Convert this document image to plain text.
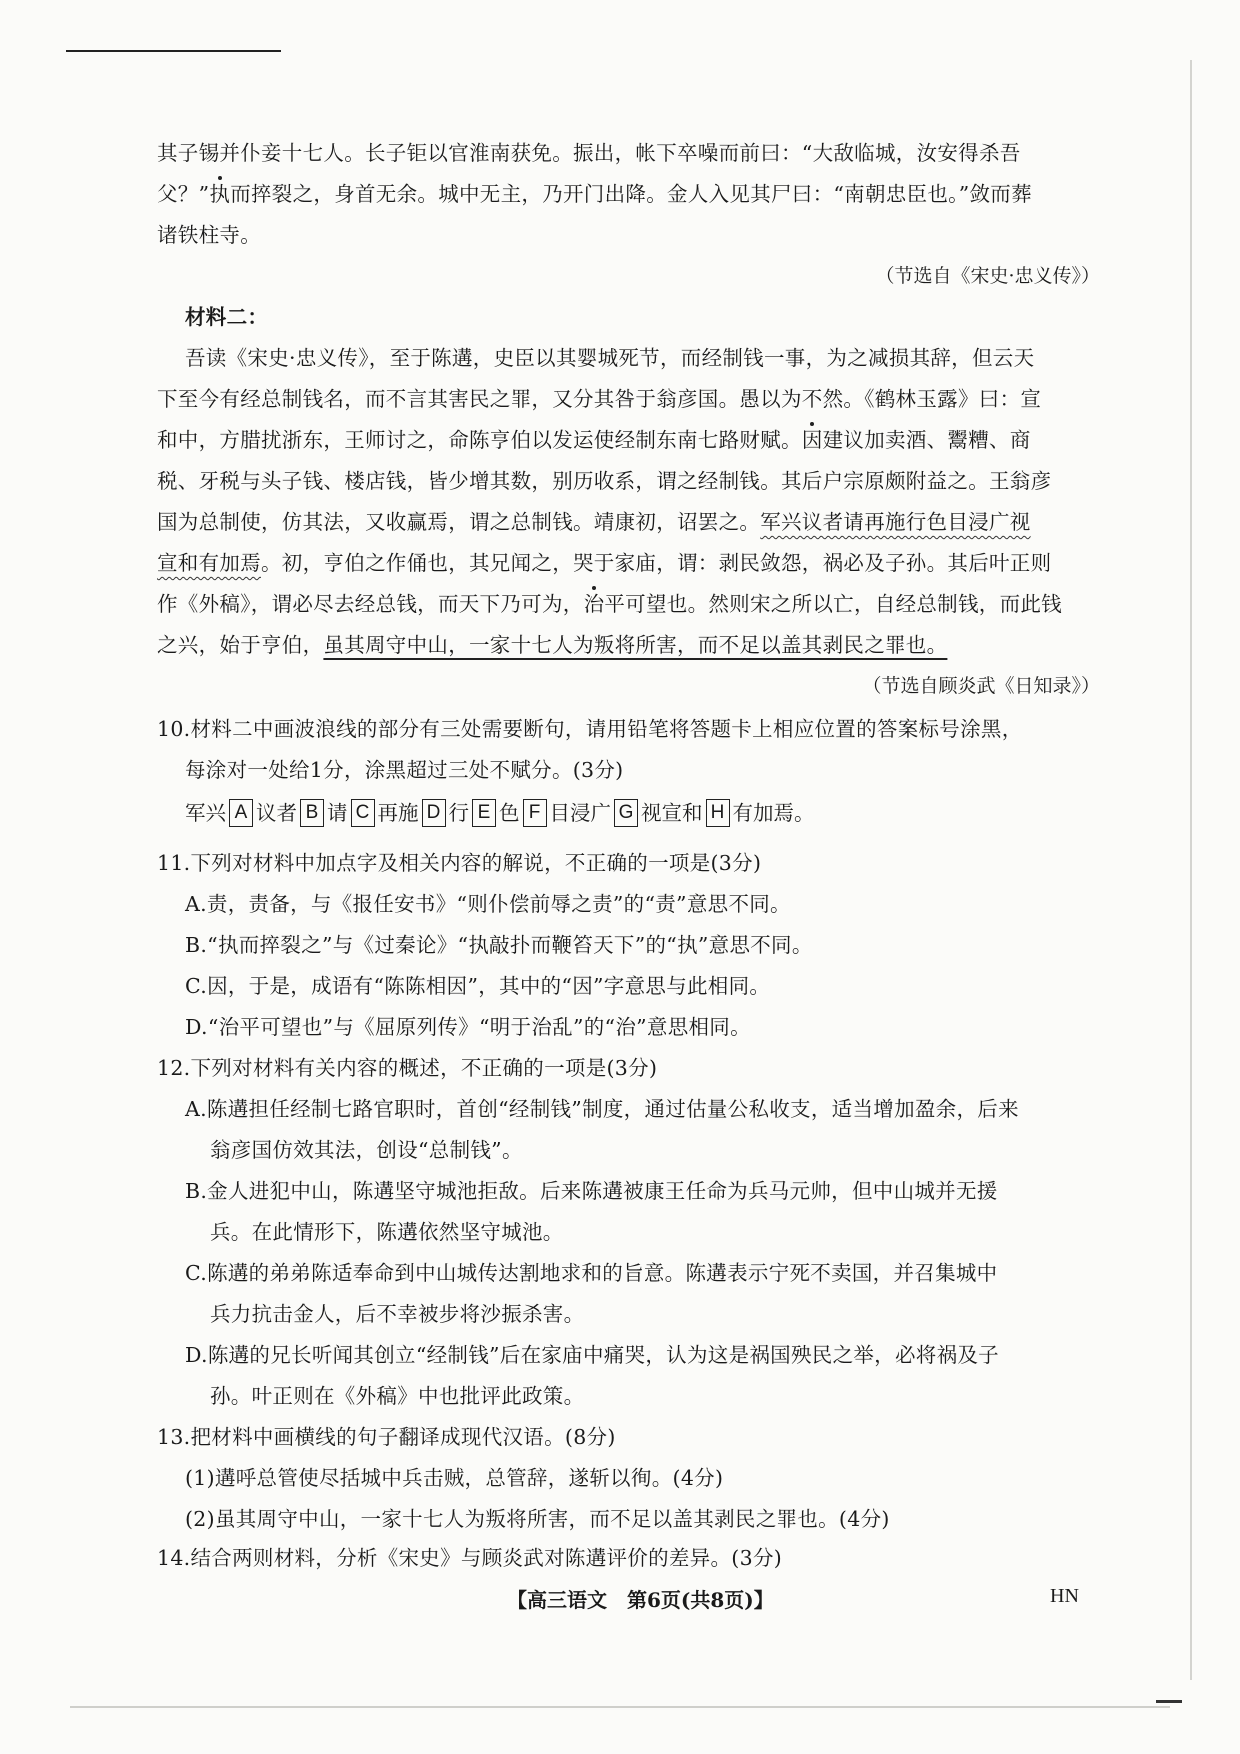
其子锡并仆妾十七人。长子钜以官淮南获免。振出，帐下卒噪而前曰：“大敌临城，汝安得杀吾
父？”执而捽裂之，身首无余。城中无主，乃开门出降。金人入见其尸曰：“南朝忠臣也。”敛而葬
诸铁柱寺。
（节选自《宋史·忠义传》）
材料二：
吾读《宋史·忠义传》，至于陈遘，史臣以其婴城死节，而经制钱一事，为之减损其辞，但云天
下至今有经总制钱名，而不言其害民之罪，又分其咎于翁彦国。愚以为不然。《鹤林玉露》曰：宣
和中，方腊扰浙东，王师讨之，命陈亨伯以发运使经制东南七路财赋。因建议加卖酒、鬻糟、商
税、牙税与头子钱、楼店钱，皆少增其数，别历收系，谓之经制钱。其后户宗原颇附益之。王翁彦
国为总制使，仿其法，又收赢焉，谓之总制钱。靖康初，诏罢之。军兴议者请再施行色目浸广视
宣和有加焉。初，亨伯之作俑也，其兄闻之，哭于家庙，谓：剥民敛怨，祸必及子孙。其后叶正则
作《外稿》，谓必尽去经总钱，而天下乃可为，治平可望也。然则宋之所以亡，自经总制钱，而此钱
之兴，始于亨伯，虽其周守中山，一家十七人为叛将所害，而不足以盖其剥民之罪也。
（节选自顾炎武《日知录》）
10.材料二中画波浪线的部分有三处需要断句，请用铅笔将答题卡上相应位置的答案标号涂黑，
每涂对一处给1分，涂黑超过三处不赋分。(3分)
军兴 A 议者 B 请 C 再施 D 行 E 色 F 目浸广 G 视宣和 H 有加焉。
11.下列对材料中加点字及相关内容的解说，不正确的一项是(3分)
A.责，责备，与《报任安书》“则仆偿前辱之责”的“责”意思不同。
B.“执而捽裂之”与《过秦论》“执敲扑而鞭笞天下”的“执”意思不同。
C.因，于是，成语有“陈陈相因”，其中的“因”字意思与此相同。
D.“治平可望也”与《屈原列传》“明于治乱”的“治”意思相同。
12.下列对材料有关内容的概述，不正确的一项是(3分)
A.陈遘担任经制七路官职时，首创“经制钱”制度，通过估量公私收支，适当增加盈余，后来
翁彦国仿效其法，创设“总制钱”。
B.金人进犯中山，陈遘坚守城池拒敌。后来陈遘被康王任命为兵马元帅，但中山城并无援
兵。在此情形下，陈遘依然坚守城池。
C.陈遘的弟弟陈适奉命到中山城传达割地求和的旨意。陈遘表示宁死不卖国，并召集城中
兵力抗击金人，后不幸被步将沙振杀害。
D.陈遘的兄长听闻其创立“经制钱”后在家庙中痛哭，认为这是祸国殃民之举，必将祸及子
孙。叶正则在《外稿》中也批评此政策。
13.把材料中画横线的句子翻译成现代汉语。(8分)
(1)遘呼总管使尽括城中兵击贼，总管辞，遂斩以徇。(4分)
(2)虽其周守中山，一家十七人为叛将所害，而不足以盖其剥民之罪也。(4分)
14.结合两则材料，分析《宋史》与顾炎武对陈遘评价的差异。(3分)
【高三语文　第6页(共8页)】	HN
